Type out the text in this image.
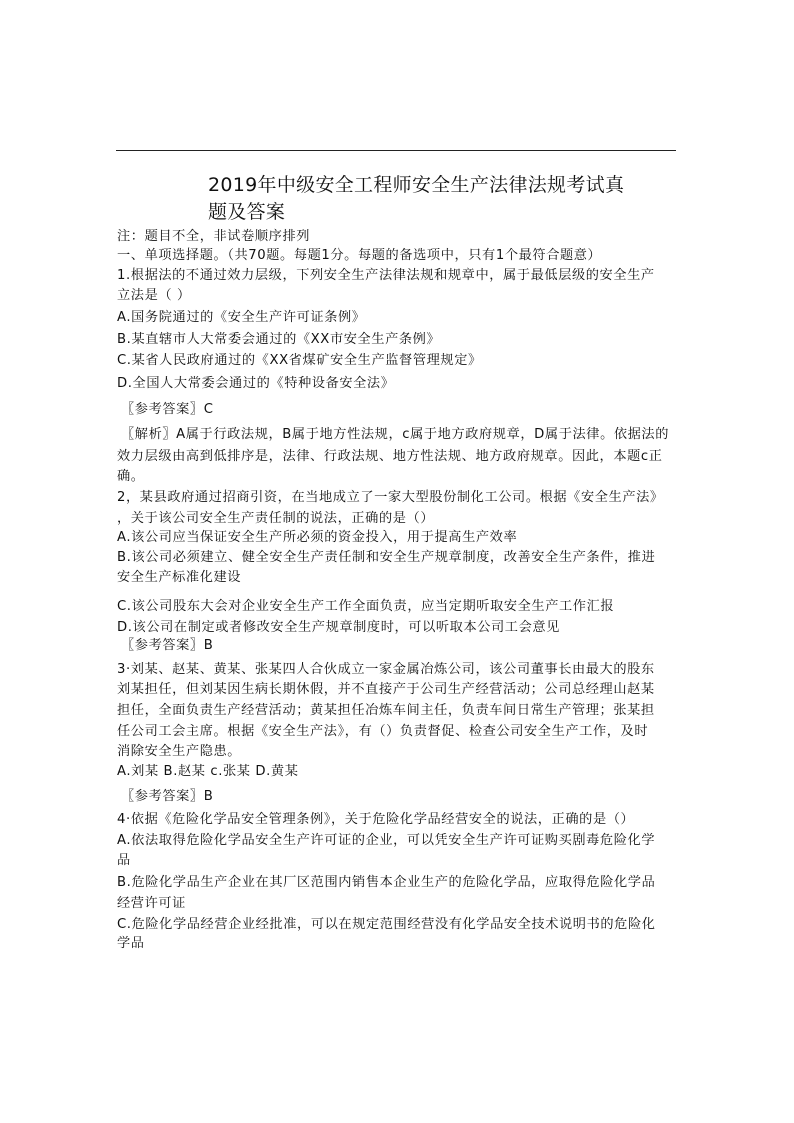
2019年中级安全工程师安全生产法律法规考试真
题及答案
注：题目不全，非试卷顺序排列
一、单项选择题。（共70题。每题1分。每题的备选项中，只有1个最符合题意）
1.根据法的不通过效力层级，下列安全生产法律法规和规章中，属于最低层级的安全生产
立法是（ ）
A.国务院通过的《安全生产许可证条例》
B.某直辖市人大常委会通过的《XX市安全生产条例》
C.某省人民政府通过的《XX省煤矿安全生产监督管理规定》
D.全国人大常委会通过的《特种设备安全法》
〖参考答案〗C
〖解析〗A属于行政法规，B属于地方性法规，c属于地方政府规章，D属于法律。依据法的
效力层级由高到低排序是，法律、行政法规、地方性法规、地方政府规章。因此，本题c正
确。
2，某县政府通过招商引资，在当地成立了一家大型股份制化工公司。根据《安全生产法》
，关于该公司安全生产责任制的说法，正确的是（）
A.该公司应当保证安全生产所必须的资金投入，用于提高生产效率
B.该公司必须建立、健全安全生产责任制和安全生产规章制度，改善安全生产条件，推进
安全生产标准化建设
C.该公司股东大会对企业安全生产工作全面负责，应当定期听取安全生产工作汇报
D.该公司在制定或者修改安全生产规章制度时，可以听取本公司工会意见
〖参考答案〗B
3·刘某、赵某、黄某、张某四人合伙成立一家金属冶炼公司，该公司董事长由最大的股东
刘某担任，但刘某因生病长期休假，并不直接产于公司生产经营活动；公司总经理山赵某
担任，全面负责生产经营活动；黄某担任冶炼车间主任，负责车间日常生产管理；张某担
任公司工会主席。根据《安全生产法》，有（）负责督促、检查公司安全生产工作，及时
消除安全生产隐患。
A.刘某 B.赵某 c.张某 D.黄某
〖参考答案〗B
4·依据《危险化学品安全管理条例》，关于危险化学品经营安全的说法，正确的是（）
A.依法取得危险化学品安全生产许可证的企业，可以凭安全生产许可证购买剧毒危险化学
品
B.危险化学品生产企业在其厂区范围内销售本企业生产的危险化学品，应取得危险化学品
经营许可证
C.危险化学品经营企业经批准，可以在规定范围经营没有化学品安全技术说明书的危险化
学品
